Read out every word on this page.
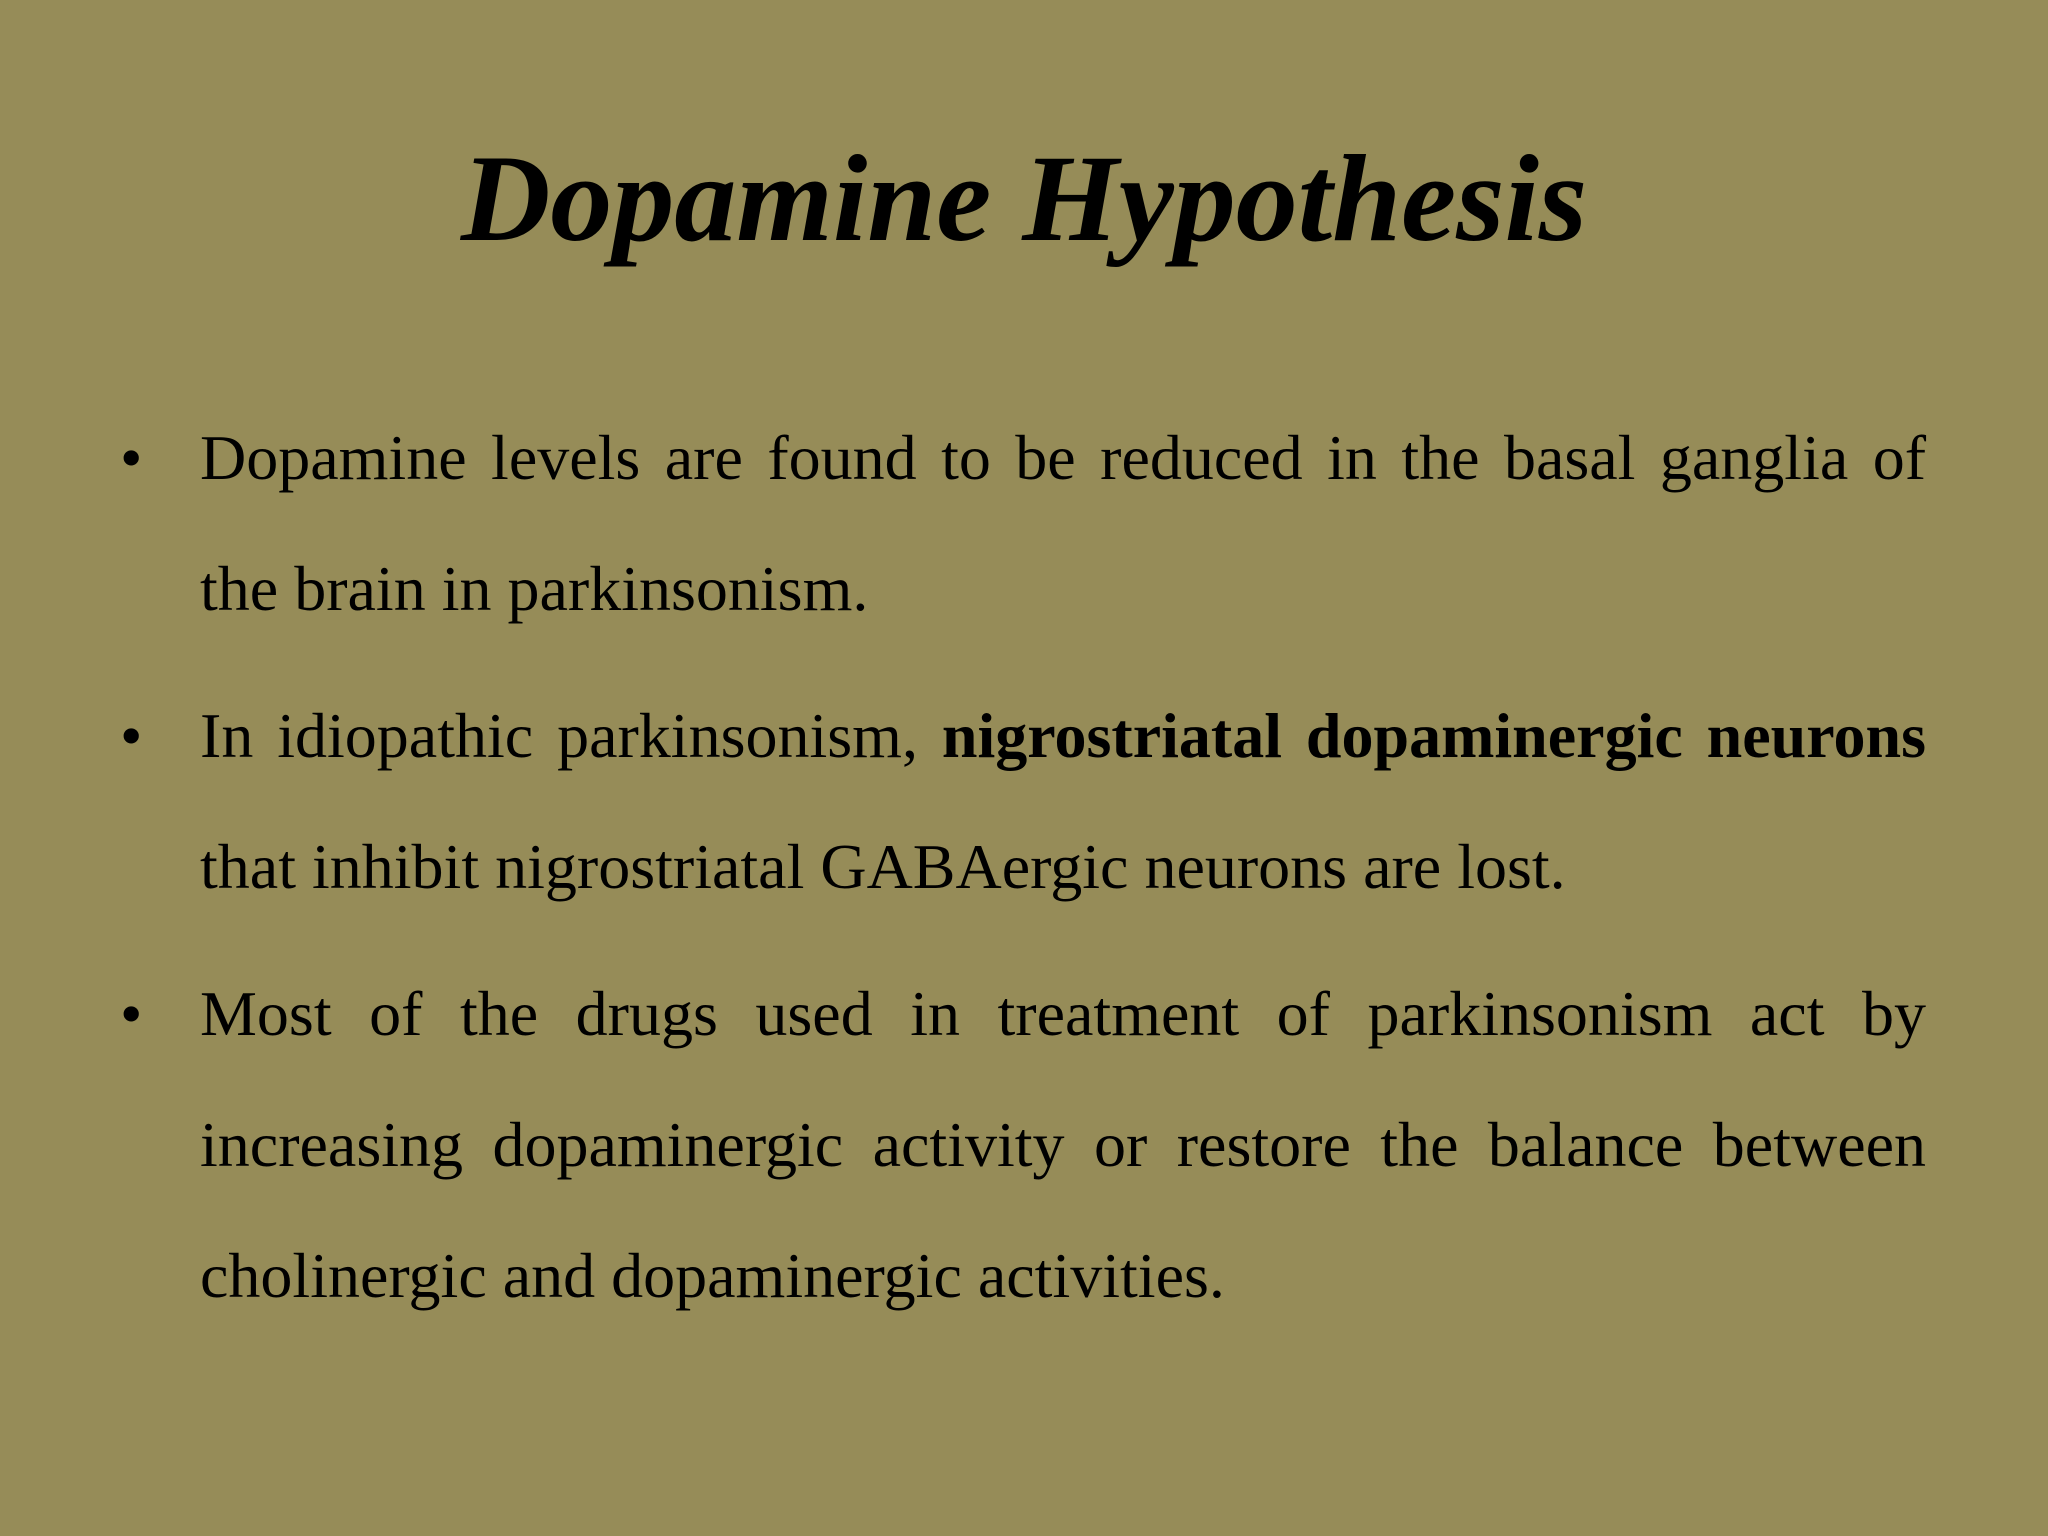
Dopamine Hypothesis
• Dopamine levels are found to be reduced in the basal ganglia of the brain in parkinsonism.
• In idiopathic parkinsonism, nigrostriatal dopaminergic neurons that inhibit nigrostriatal GABAergic neurons are lost.
• Most of the drugs used in treatment of parkinsonism act by increasing dopaminergic activity or restore the balance between cholinergic and dopaminergic activities.
